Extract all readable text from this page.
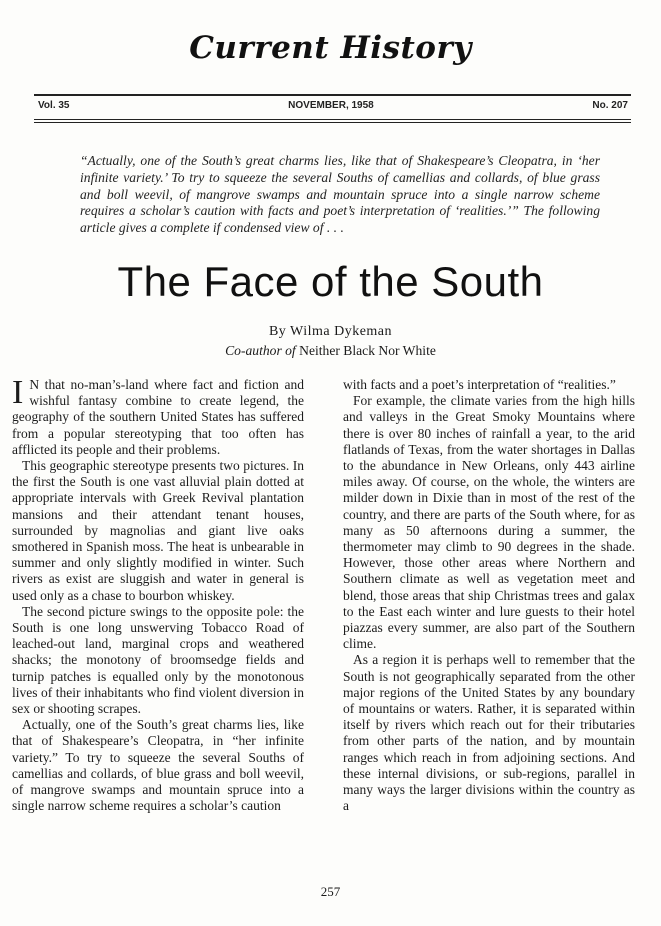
Current History
Vol. 35	NOVEMBER, 1958	No. 207
“Actually, one of the South’s great charms lies, like that of Shakespeare’s Cleopatra, in ‘her infinite variety.’ To try to squeeze the several Souths of camellias and collards, of blue grass and boll weevil, of mangrove swamps and mountain spruce into a single narrow scheme requires a scholar’s caution with facts and poet’s interpretation of ‘realities.’” The following article gives a complete if condensed view of . . .
The Face of the South
By Wilma Dykeman
Co-author of Neither Black Nor White

I N that no-man’s-land where fact and fiction and wishful fantasy combine to create legend, the geography of the southern United States has suffered from a popular stereotyping that too often has afflicted its people and their problems.

This geographic stereotype presents two pictures. In the first the South is one vast alluvial plain dotted at appropriate intervals with Greek Revival plantation mansions and their attendant tenant houses, surrounded by magnolias and giant live oaks smothered in Spanish moss. The heat is unbearable in summer and only slightly modified in winter. Such rivers as exist are sluggish and water in general is used only as a chase to bourbon whiskey.

The second picture swings to the opposite pole: the South is one long unswerving Tobacco Road of leached-out land, marginal crops and weathered shacks; the monotony of broomsedge fields and turnip patches is equalled only by the monotonous lives of their inhabitants who find violent diversion in sex or shooting scrapes.

Actually, one of the South’s great charms lies, like that of Shakespeare’s Cleopatra, in “her infinite variety.” To try to squeeze the several Souths of camellias and collards, of blue grass and boll weevil, of mangrove swamps and mountain spruce into a single narrow scheme requires a scholar’s caution

with facts and a poet’s interpretation of “realities.”

For example, the climate varies from the high hills and valleys in the Great Smoky Mountains where there is over 80 inches of rainfall a year, to the arid flatlands of Texas, from the water shortages in Dallas to the abundance in New Orleans, only 443 airline miles away. Of course, on the whole, the winters are milder down in Dixie than in most of the rest of the country, and there are parts of the South where, for as many as 50 afternoons during a summer, the thermometer may climb to 90 degrees in the shade. However, those other areas where Northern and Southern climate as well as vegetation meet and blend, those areas that ship Christmas trees and galax to the East each winter and lure guests to their hotel piazzas every summer, are also part of the Southern clime.

As a region it is perhaps well to remember that the South is not geographically separated from the other major regions of the United States by any boundary of mountains or waters. Rather, it is separated within itself by rivers which reach out for their tributaries from other parts of the nation, and by mountain ranges which reach in from adjoining sections. And these internal divisions, or sub-regions, parallel in many ways the larger divisions within the country as a

257
